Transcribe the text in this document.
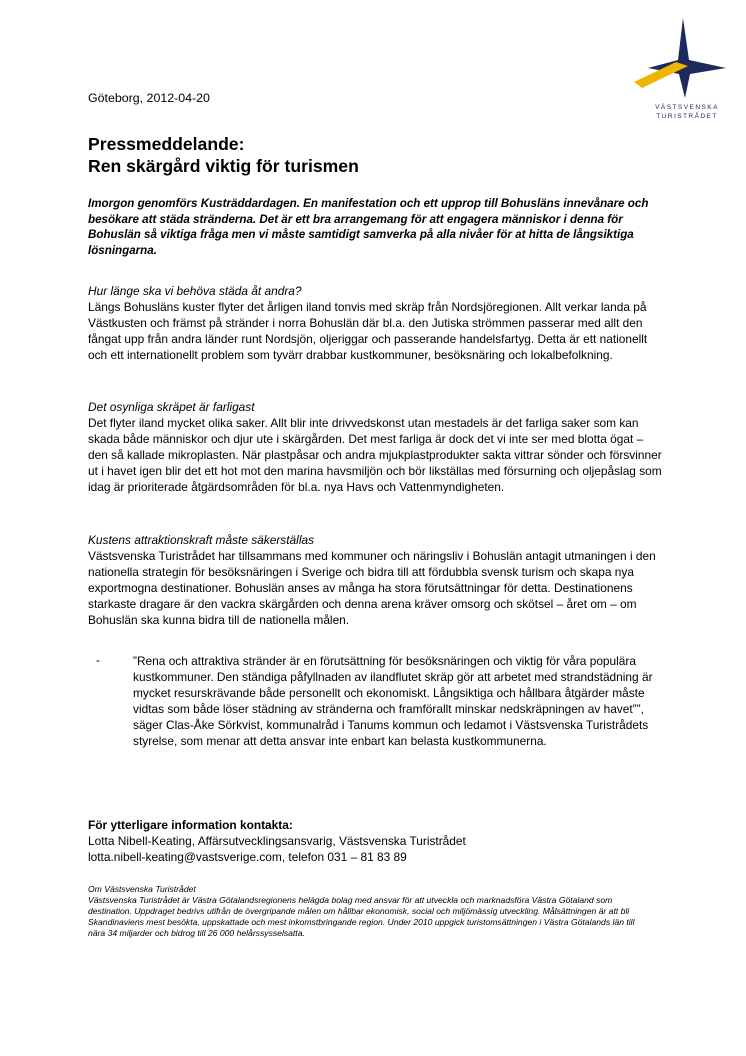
VÄSTSVENSKA
TURISTRÅDET
Göteborg, 2012-04-20
Pressmeddelande:
Ren skärgård viktig för turismen

Imorgon genomförs Kusträddardagen. En manifestation och ett upprop till Bohusläns innevånare och besökare att städa stränderna. Det är ett bra arrangemang för att engagera människor i denna för Bohuslän så viktiga fråga men vi måste samtidigt samverka på alla nivåer för at hitta de långsiktiga lösningarna.

Hur länge ska vi behöva städa åt andra?

Längs Bohusläns kuster flyter det årligen iland tonvis med skräp från Nordsjöregionen. Allt verkar landa på Västkusten och främst på stränder i norra Bohuslän där bl.a. den Jutiska strömmen passerar med allt den fångat upp från andra länder runt Nordsjön, oljeriggar och passerande handelsfartyg. Detta är ett nationellt och ett internationellt problem som tyvärr drabbar kustkommuner, besöksnäring och lokalbefolkning.

Det osynliga skräpet är farligast

Det flyter iland mycket olika saker. Allt blir inte drivvedskonst utan mestadels är det farliga saker som kan skada både människor och djur ute i skärgården. Det mest farliga är dock det vi inte ser med blotta ögat – den så kallade mikroplasten. När plastpåsar och andra mjukplastprodukter sakta vittrar sönder och försvinner ut i havet igen blir det ett hot mot den marina havsmiljön och bör likställas med försurning och oljepåslag som idag är prioriterade åtgärdsområden för bl.a. nya Havs och Vattenmyndigheten.

Kustens attraktionskraft måste säkerställas

Västsvenska Turistrådet har tillsammans med kommuner och näringsliv i Bohuslän antagit utmaningen i den nationella strategin för besöksnäringen i Sverige och bidra till att fördubbla svensk turism och skapa nya exportmogna destinationer. Bohuslän anses av många ha stora förutsättningar för detta. Destinationens starkaste dragare är den vackra skärgården och denna arena kräver omsorg och skötsel – året om – om Bohuslän ska kunna bidra till de nationella målen.

-	”Rena och attraktiva stränder är en förutsättning för besöksnäringen och viktig för våra populära kustkommuner. Den ständiga påfyllnaden av ilandflutet skräp gör att arbetet med strandstädning är mycket resurskrävande både personellt och ekonomiskt. Långsiktiga och hållbara åtgärder måste vidtas som både löser städning av stränderna och framförallt minskar nedskräpningen av havet””, säger Clas-Åke Sörkvist, kommunalråd i Tanums kommun och ledamot i Västsvenska Turistrådets styrelse, som menar att detta ansvar inte enbart kan belasta kustkommunerna.

För ytterligare information kontakta:
Lotta Nibell-Keating, Affärsutvecklingsansvarig, Västsvenska Turistrådet
lotta.nibell-keating@vastsverige.com, telefon 031 – 81 83 89
Om Västsvenska Turistrådet

Västsvenska Turistrådet är Västra Götalandsregionens helägda bolag med ansvar för att utveckla och marknadsföra Västra Götaland som destination. Uppdraget bedrivs utifrån de övergripande målen om hållbar ekonomisk, social och miljömässig utveckling. Målsättningen är att bli Skandinaviens mest besökta, uppskattade och mest inkomstbringande region. Under 2010 uppgick turistomsättningen i Västra Götalands län till nära 34 miljarder och bidrog till 26 000 helårssysselsatta.
